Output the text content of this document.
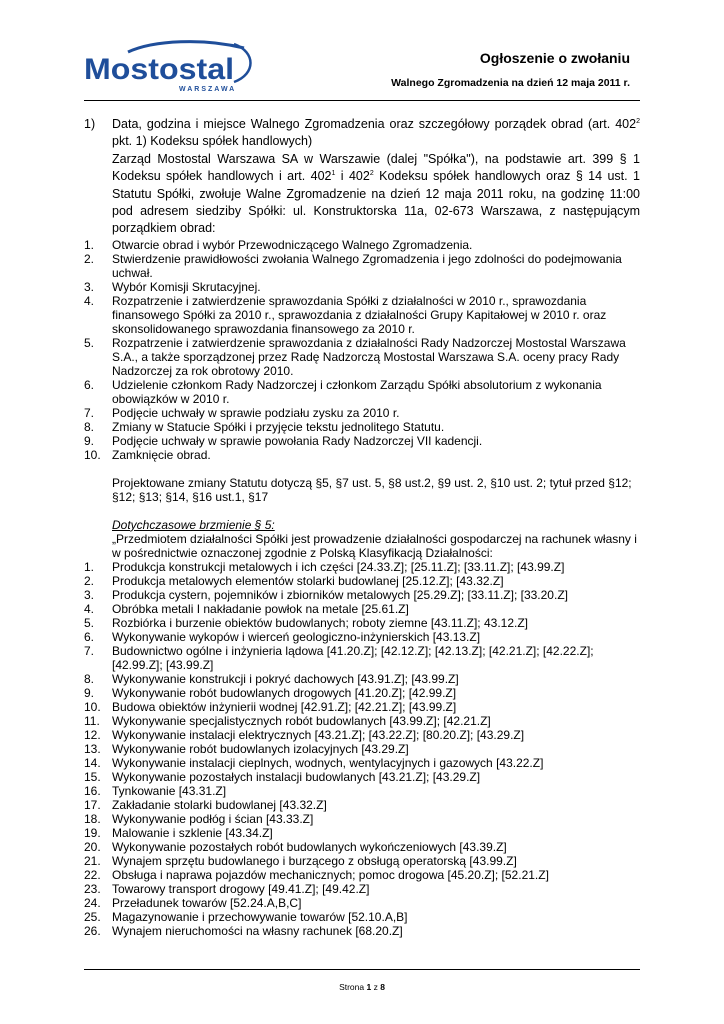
Mostostal
WARSZAWA
Ogłoszenie o zwołaniu
Walnego Zgromadzenia na dzień 12 maja 2011 r.
1)	Data, godzina i miejsce Walnego Zgromadzenia oraz szczegółowy porządek obrad (art. $402^2$ pkt. 1) Kodeksu spółek handlowych)
Zarząd Mostostal Warszawa SA w Warszawie (dalej "Spółka"), na podstawie art. 399 § 1 Kodeksu spółek handlowych i art. $402^1$ i $402^2$ Kodeksu spółek handlowych oraz § 14 ust. 1 Statutu Spółki, zwołuje Walne Zgromadzenie na dzień 12 maja 2011 roku, na godzinę 11:00 pod adresem siedziby Spółki: ul. Konstruktorska 11a, 02-673 Warszawa, z następującym porządkiem obrad:
1.	Otwarcie obrad i wybór Przewodniczącego Walnego Zgromadzenia.
2.	Stwierdzenie prawidłowości zwołania Walnego Zgromadzenia i jego zdolności do podejmowania uchwał.
3.	Wybór Komisji Skrutacyjnej.
4.	Rozpatrzenie i zatwierdzenie sprawozdania Spółki z działalności w 2010 r., sprawozdania finansowego Spółki za 2010 r., sprawozdania z działalności Grupy Kapitałowej w 2010 r. oraz skonsolidowanego sprawozdania finansowego za 2010 r.
5.	Rozpatrzenie i zatwierdzenie sprawozdania z działalności Rady Nadzorczej Mostostal Warszawa S.A., a także sporządzonej przez Radę Nadzorczą Mostostal Warszawa S.A. oceny pracy Rady Nadzorczej za rok obrotowy 2010.
6.	Udzielenie członkom Rady Nadzorczej i członkom Zarządu Spółki absolutorium z wykonania obowiązków w 2010 r.
7.	Podjęcie uchwały w sprawie podziału zysku za 2010 r.
8.	Zmiany w Statucie Spółki i przyjęcie tekstu jednolitego Statutu.
9.	Podjęcie uchwały w sprawie powołania Rady Nadzorczej VII kadencji.
10. Zamknięcie obrad.
Projektowane zmiany Statutu dotyczą §5, §7 ust. 5, §8 ust.2, §9 ust. 2, §10 ust. 2; tytuł przed §12; §12; §13; §14, §16 ust.1, §17
Dotychczasowe brzmienie § 5:
„Przedmiotem działalności Spółki jest prowadzenie działalności gospodarczej na rachunek własny i w pośrednictwie oznaczonej zgodnie z Polską Klasyfikacją Działalności:
1.	Produkcja konstrukcji metalowych i ich części [24.33.Z]; [25.11.Z]; [33.11.Z]; [43.99.Z]
2.	Produkcja metalowych elementów stolarki budowlanej [25.12.Z]; [43.32.Z]
3.	Produkcja cystern, pojemników i zbiorników metalowych [25.29.Z]; [33.11.Z]; [33.20.Z]
4.	Obróbka metali I nakładanie powłok na metale [25.61.Z]
5.	Rozbiórka i burzenie obiektów budowlanych; roboty ziemne [43.11.Z]; 43.12.Z]
6.	Wykonywanie wykopów i wierceń geologiczno-inżynierskich [43.13.Z]
7.	Budownictwo ogólne i inżynieria lądowa [41.20.Z]; [42.12.Z]; [42.13.Z]; [42.21.Z]; [42.22.Z]; [42.99.Z]; [43.99.Z]
8.	Wykonywanie konstrukcji i pokryć dachowych [43.91.Z]; [43.99.Z]
9.	Wykonywanie robót budowlanych drogowych [41.20.Z]; [42.99.Z]
10. Budowa obiektów inżynierii wodnej [42.91.Z]; [42.21.Z]; [43.99.Z]
11.	Wykonywanie specjalistycznych robót budowlanych [43.99.Z]; [42.21.Z]
12. Wykonywanie instalacji elektrycznych [43.21.Z]; [43.22.Z]; [80.20.Z]; [43.29.Z]
13. Wykonywanie robót budowlanych izolacyjnych [43.29.Z]
14. Wykonywanie instalacji cieplnych, wodnych, wentylacyjnych i gazowych [43.22.Z]
15. Wykonywanie pozostałych instalacji budowlanych [43.21.Z]; [43.29.Z]
16. Tynkowanie [43.31.Z]
17. Zakładanie stolarki budowlanej [43.32.Z]
18. Wykonywanie podłóg i ścian [43.33.Z]
19. Malowanie i szklenie [43.34.Z]
20. Wykonywanie pozostałych robót budowlanych wykończeniowych [43.39.Z]
21. Wynajem sprzętu budowlanego i burzącego z obsługą operatorską [43.99.Z]
22. Obsługa i naprawa pojazdów mechanicznych; pomoc drogowa [45.20.Z]; [52.21.Z]
23. Towarowy transport drogowy [49.41.Z]; [49.42.Z]
24. Przeładunek towarów [52.24.A,B,C]
25. Magazynowanie i przechowywanie towarów [52.10.A,B]
26. Wynajem nieruchomości na własny rachunek [68.20.Z]
Strona 1 z 8
